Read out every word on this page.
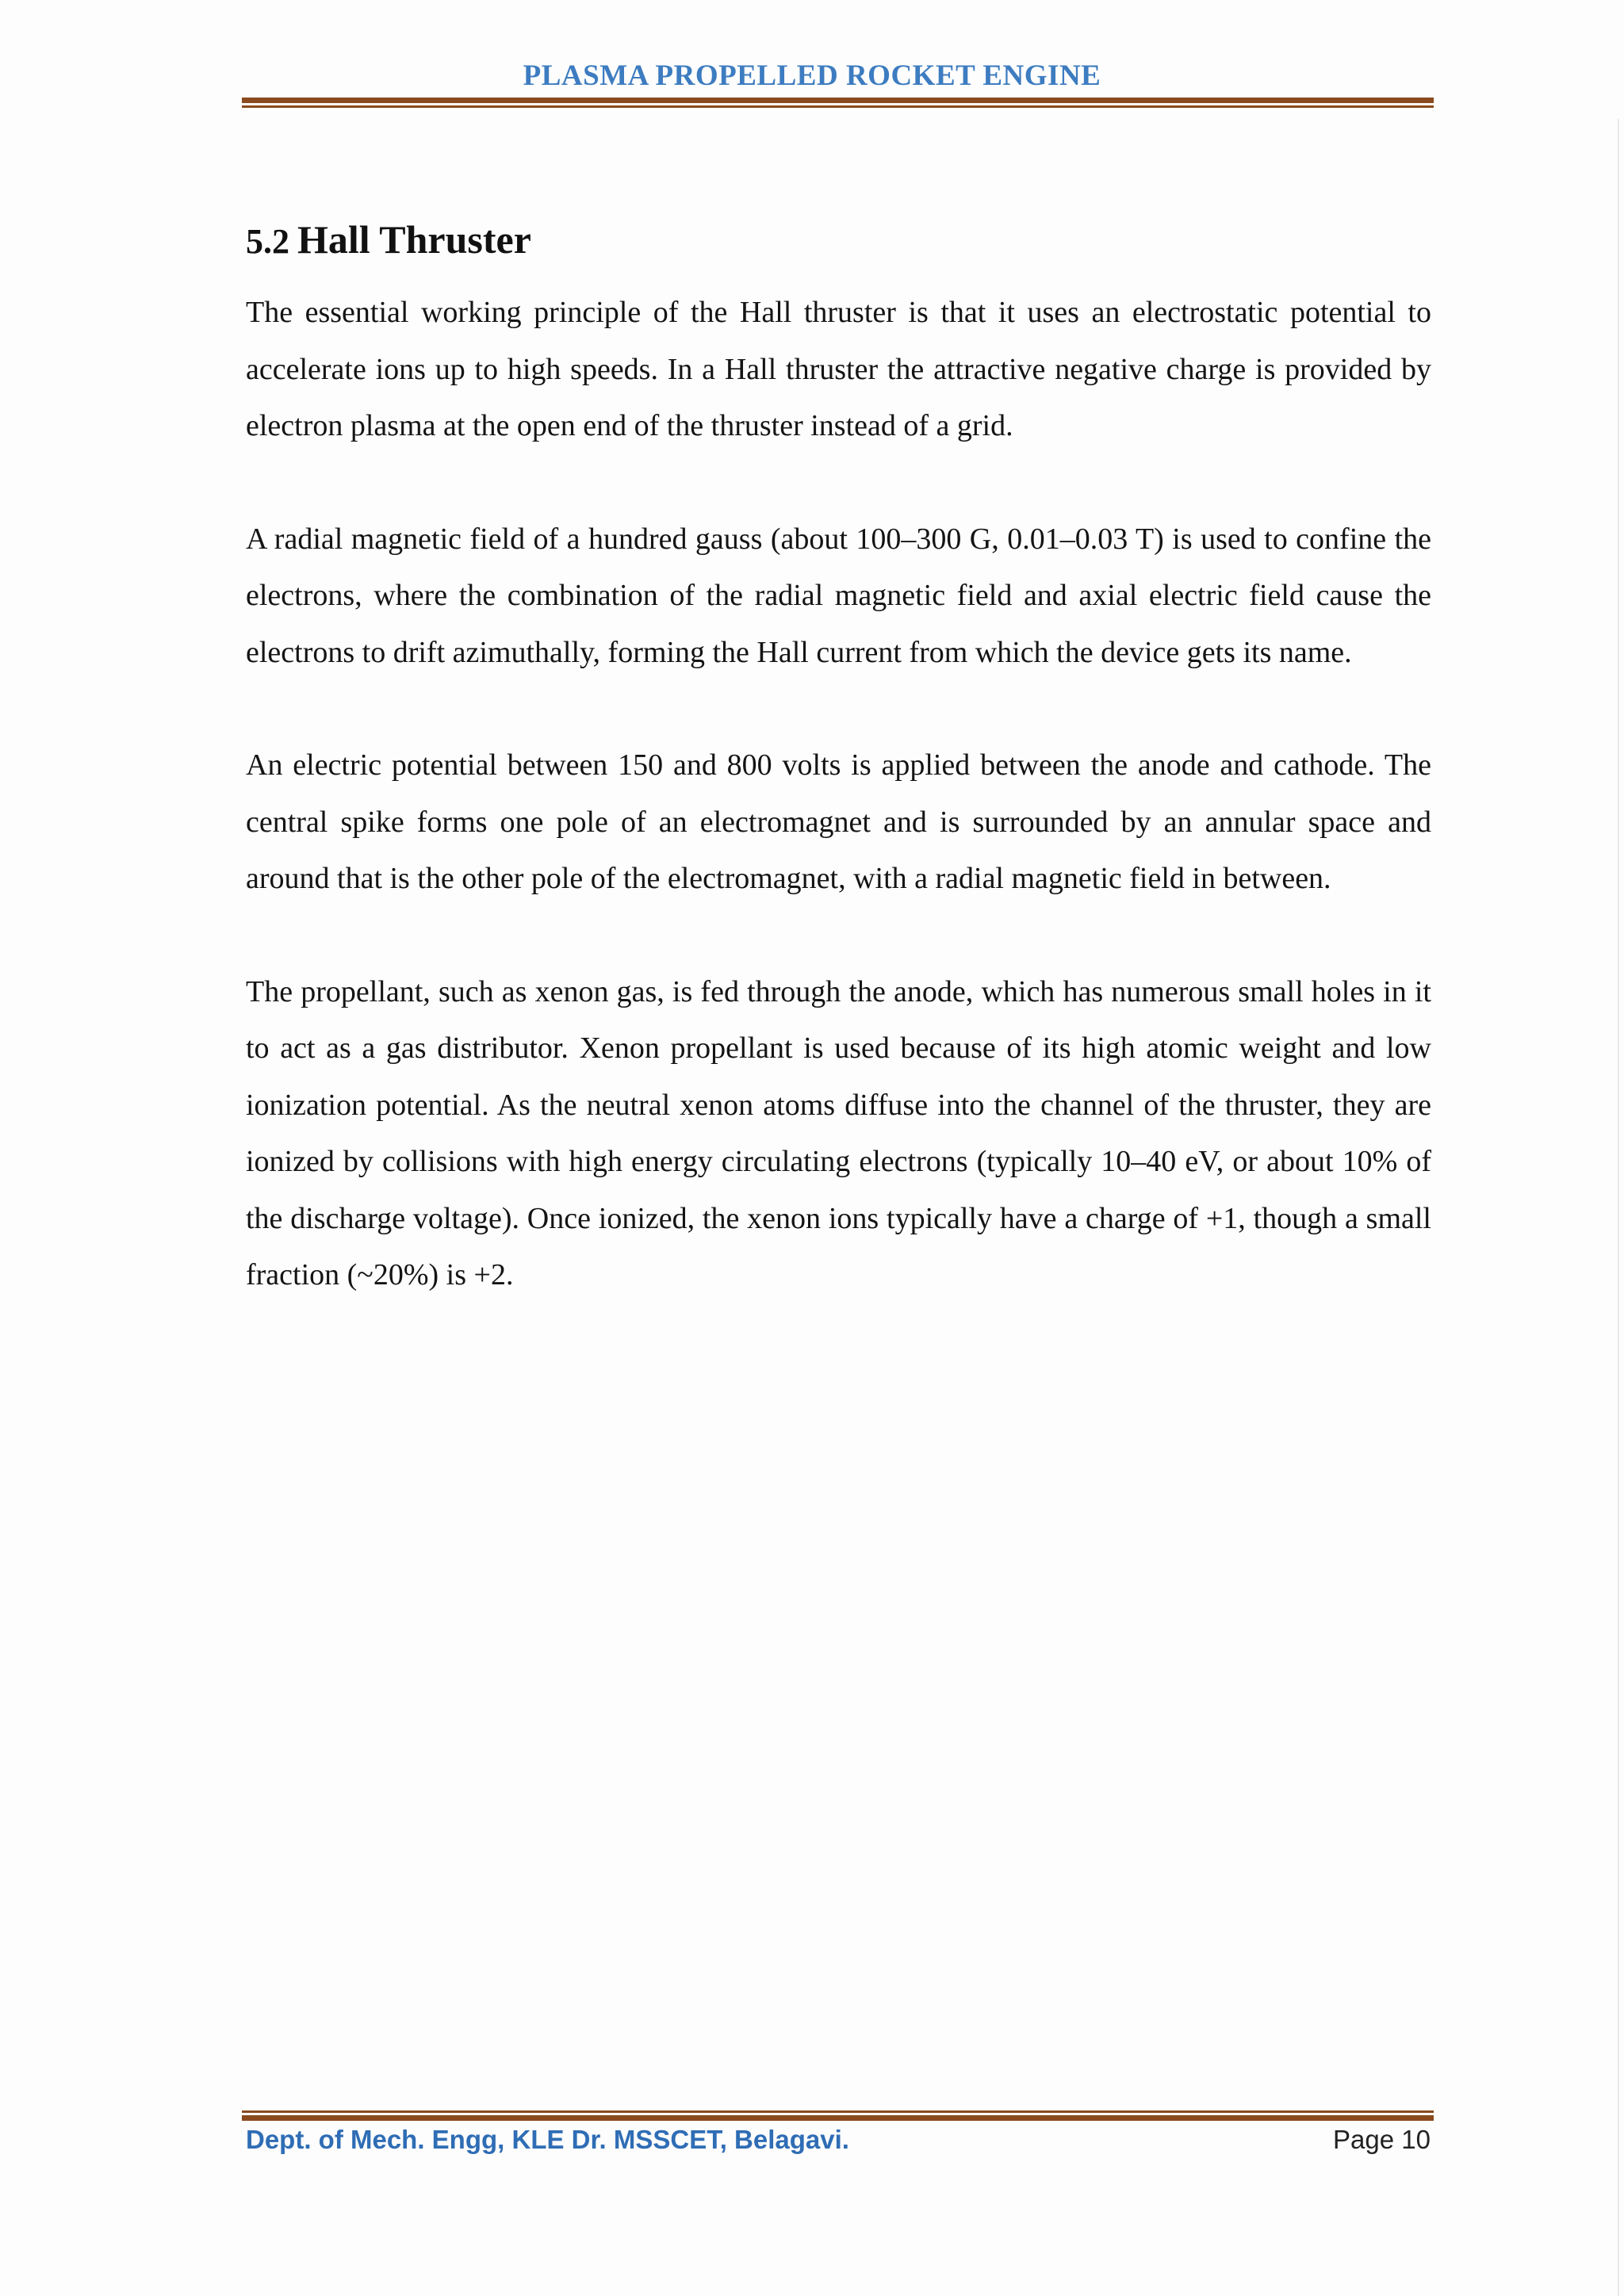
PLASMA PROPELLED ROCKET ENGINE
5.2 Hall Thruster

The essential working principle of the Hall thruster is that it uses an electrostatic potential to accelerate ions up to high speeds. In a Hall thruster the attractive negative charge is provided by electron plasma at the open end of the thruster instead of a grid.

A radial magnetic field of a hundred gauss (about 100–300 G, 0.01–0.03 T) is used to confine the electrons, where the combination of the radial magnetic field and axial electric field cause the electrons to drift azimuthally, forming the Hall current from which the device gets its name.

An electric potential between 150 and 800 volts is applied between the anode and cathode. The central spike forms one pole of an electromagnet and is surrounded by an annular space and around that is the other pole of the electromagnet, with a radial magnetic field in between.

The propellant, such as xenon gas, is fed through the anode, which has numerous small holes in it to act as a gas distributor. Xenon propellant is used because of its high atomic weight and low ionization potential. As the neutral xenon atoms diffuse into the channel of the thruster, they are ionized by collisions with high energy circulating electrons (typically 10–40 eV, or about 10% of the discharge voltage). Once ionized, the xenon ions typically have a charge of +1, though a small fraction (~20%) is +2.

Dept. of Mech. Engg, KLE Dr. MSSCET, Belagavi.	Page 10
